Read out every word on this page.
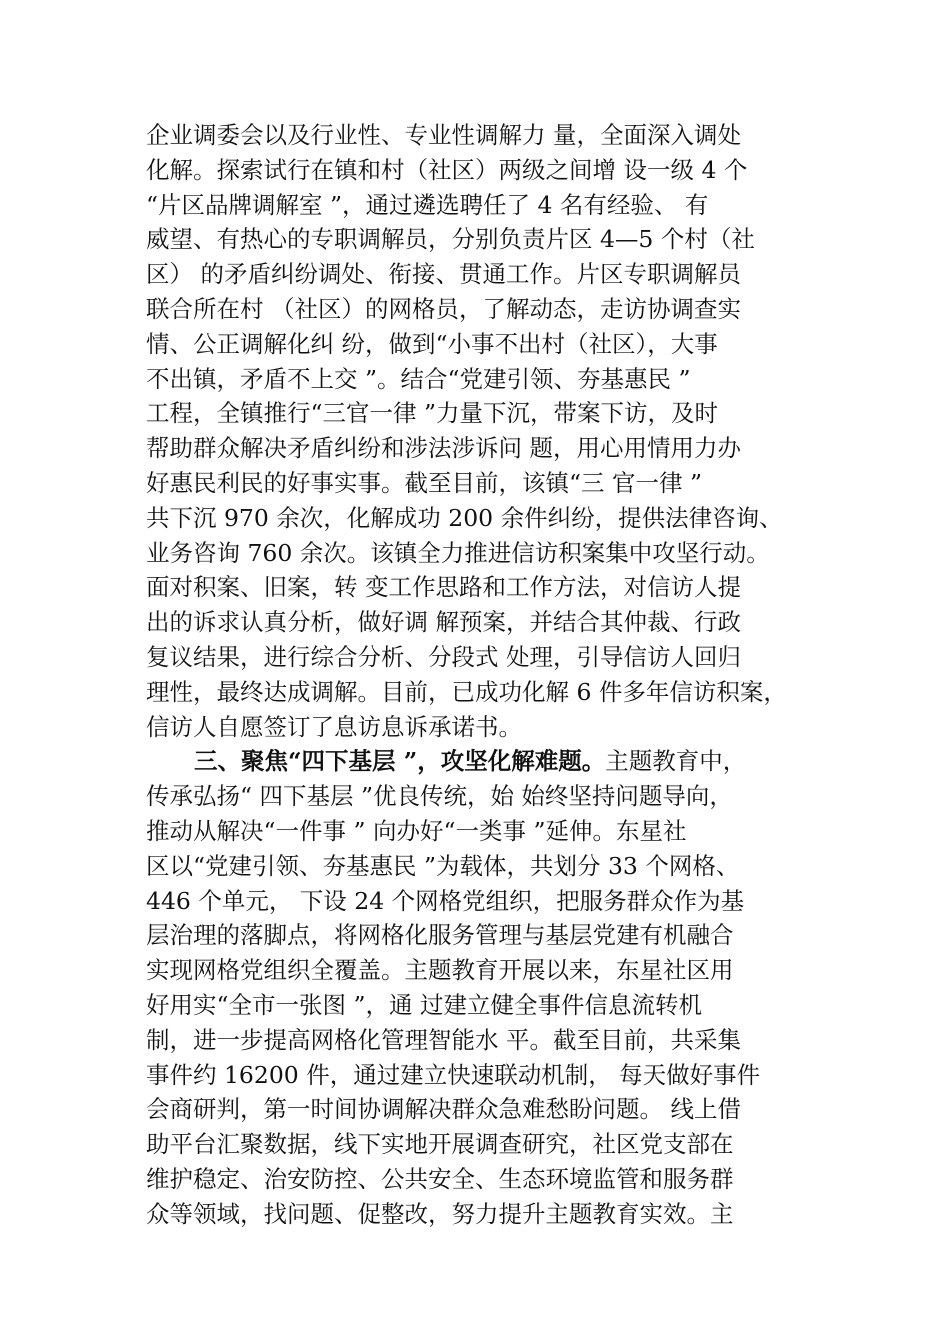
企业调委会以及行业性、专业性调解力 量，全面深入调处
化解。探索试行在镇和村（社区）两级之间增 设一级 4 个
“片区品牌调解室 ”，通过遴选聘任了 4 名有经验、 有
威望、有热心的专职调解员，分别负责片区 4—5 个村（社
区） 的矛盾纠纷调处、衔接、贯通工作。片区专职调解员
联合所在村 （社区）的网格员，了解动态，走访协调查实
情、公正调解化纠 纷，做到“小事不出村（社区），大事
不出镇，矛盾不上交 ”。结合“党建引领、夯基惠民 ”
工程，全镇推行“三官一律 ”力量下沉，带案下访，及时
帮助群众解决矛盾纠纷和涉法涉诉问 题，用心用情用力办
好惠民利民的好事实事。截至目前，该镇“三 官一律 ”
共下沉 970 余次，化解成功 200 余件纠纷，提供法律咨询、
业务咨询 760 余次。该镇全力推进信访积案集中攻坚行动。
面对积案、旧案，转 变工作思路和工作方法，对信访人提
出的诉求认真分析，做好调 解预案，并结合其仲裁、行政
复议结果，进行综合分析、分段式 处理，引导信访人回归
理性，最终达成调解。目前，已成功化解 6 件多年信访积案，
信访人自愿签订了息访息诉承诺书。
三、聚焦“四下基层 ”，攻坚化解难题。主题教育中，
传承弘扬“ 四下基层 ”优良传统，始 始终坚持问题导向，
推动从解决“一件事 ” 向办好“一类事 ”延伸。东星社
区以“党建引领、夯基惠民 ”为载体，共划分 33 个网格、
446 个单元， 下设 24 个网格党组织，把服务群众作为基
层治理的落脚点，将网格化服务管理与基层党建有机融合
实现网格党组织全覆盖。主题教育开展以来，东星社区用
好用实“全市一张图 ”，通 过建立健全事件信息流转机
制，进一步提高网格化管理智能水 平。截至目前，共采集
事件约 16200 件，通过建立快速联动机制， 每天做好事件
会商研判，第一时间协调解决群众急难愁盼问题。 线上借
助平台汇聚数据，线下实地开展调查研究，社区党支部在
维护稳定、治安防控、公共安全、生态环境监管和服务群
众等领域，找问题、促整改，努力提升主题教育实效。主
